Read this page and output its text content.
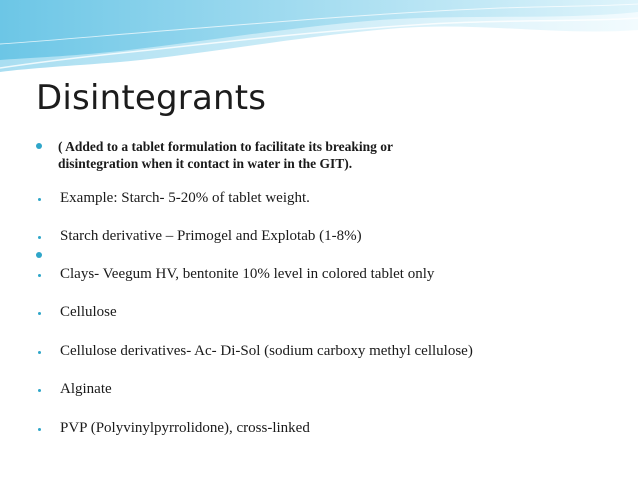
Disintegrants
( Added to a tablet formulation to facilitate its breaking or
disintegration when it contact in water in the GIT).
Example: Starch- 5-20% of tablet weight.
Starch derivative – Primogel and Explotab (1-8%)
Clays- Veegum HV, bentonite 10% level in colored tablet only
Cellulose
Cellulose derivatives- Ac- Di-Sol (sodium carboxy methyl cellulose)
Alginate
PVP (Polyvinylpyrrolidone), cross-linked
